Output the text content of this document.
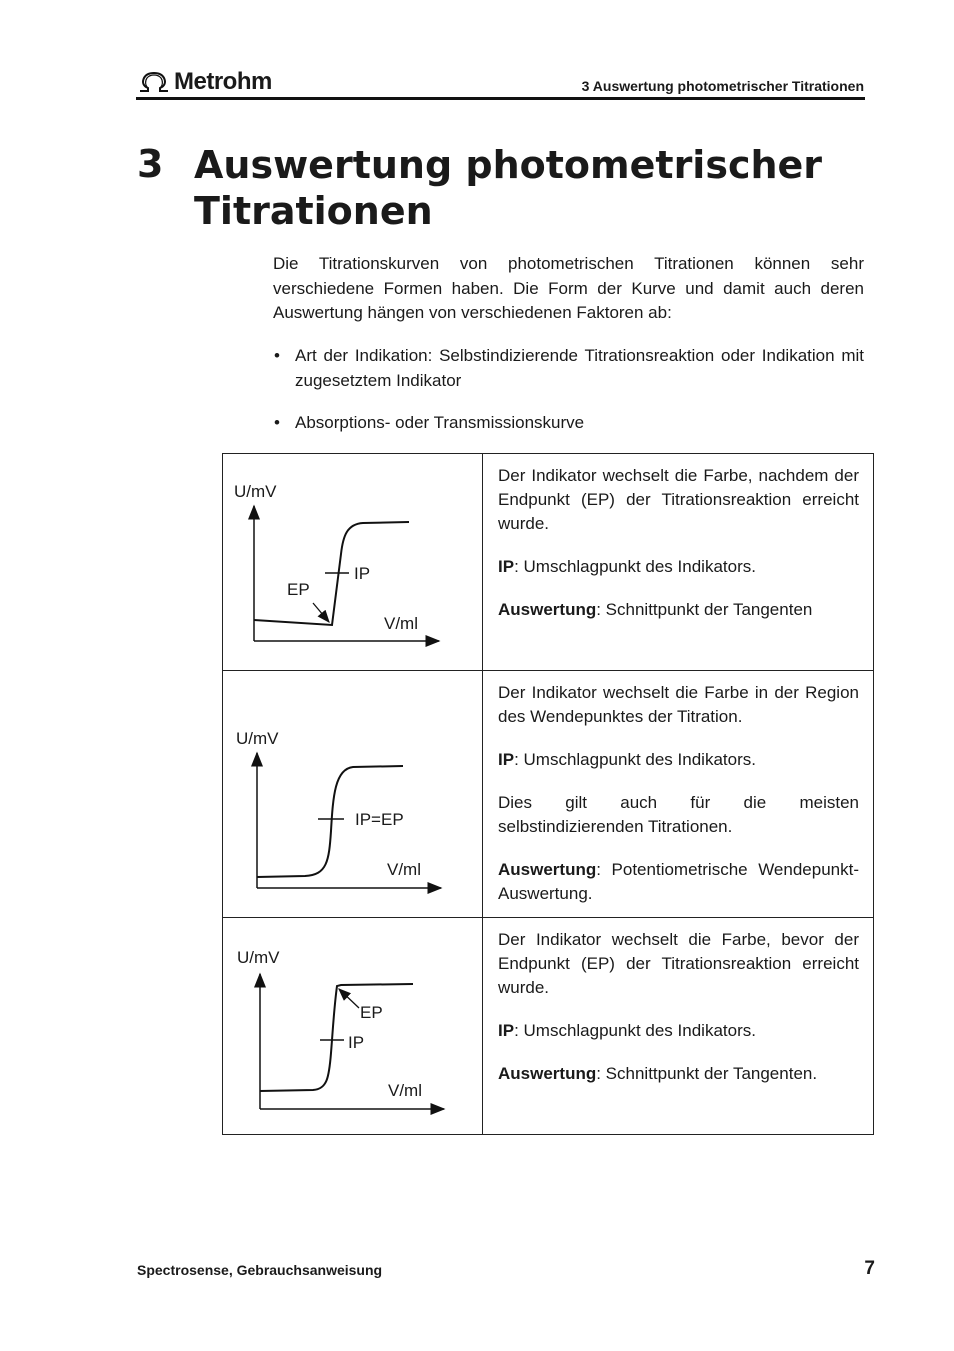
Metrohm	3 Auswertung photometrischer Titrationen
3 Auswertung photometrischer Titrationen
Die Titrationskurven von photometrischen Titrationen können sehr verschiedene Formen haben. Die Form der Kurve und damit auch deren Auswertung hängen von verschiedenen Faktoren ab:
• Art der Indikation: Selbstindizierende Titrationsreaktion oder Indikation mit zugesetztem Indikator
• Absorptions- oder Transmissionskurve
U/mV
IP
EP
V/ml

Der Indikator wechselt die Farbe, nachdem der Endpunkt (EP) der Titrationsreaktion erreicht wurde.

IP: Umschlagpunkt des Indikators.

Auswertung: Schnittpunkt der Tangenten

U/mV
IP=EP
V/ml

Der Indikator wechselt die Farbe in der Region des Wendepunktes der Titration.

IP: Umschlagpunkt des Indikators.

Dies gilt auch für die meisten selbstindizierenden Titrationen.

Auswertung: Potentiometrische Wendepunkt-Auswertung.

U/mV
EP
IP
V/ml

Der Indikator wechselt die Farbe, bevor der Endpunkt (EP) der Titrationsreaktion erreicht wurde.

IP: Umschlagpunkt des Indikators.

Auswertung: Schnittpunkt der Tangenten.

Spectrosense, Gebrauchsanweisung	7
